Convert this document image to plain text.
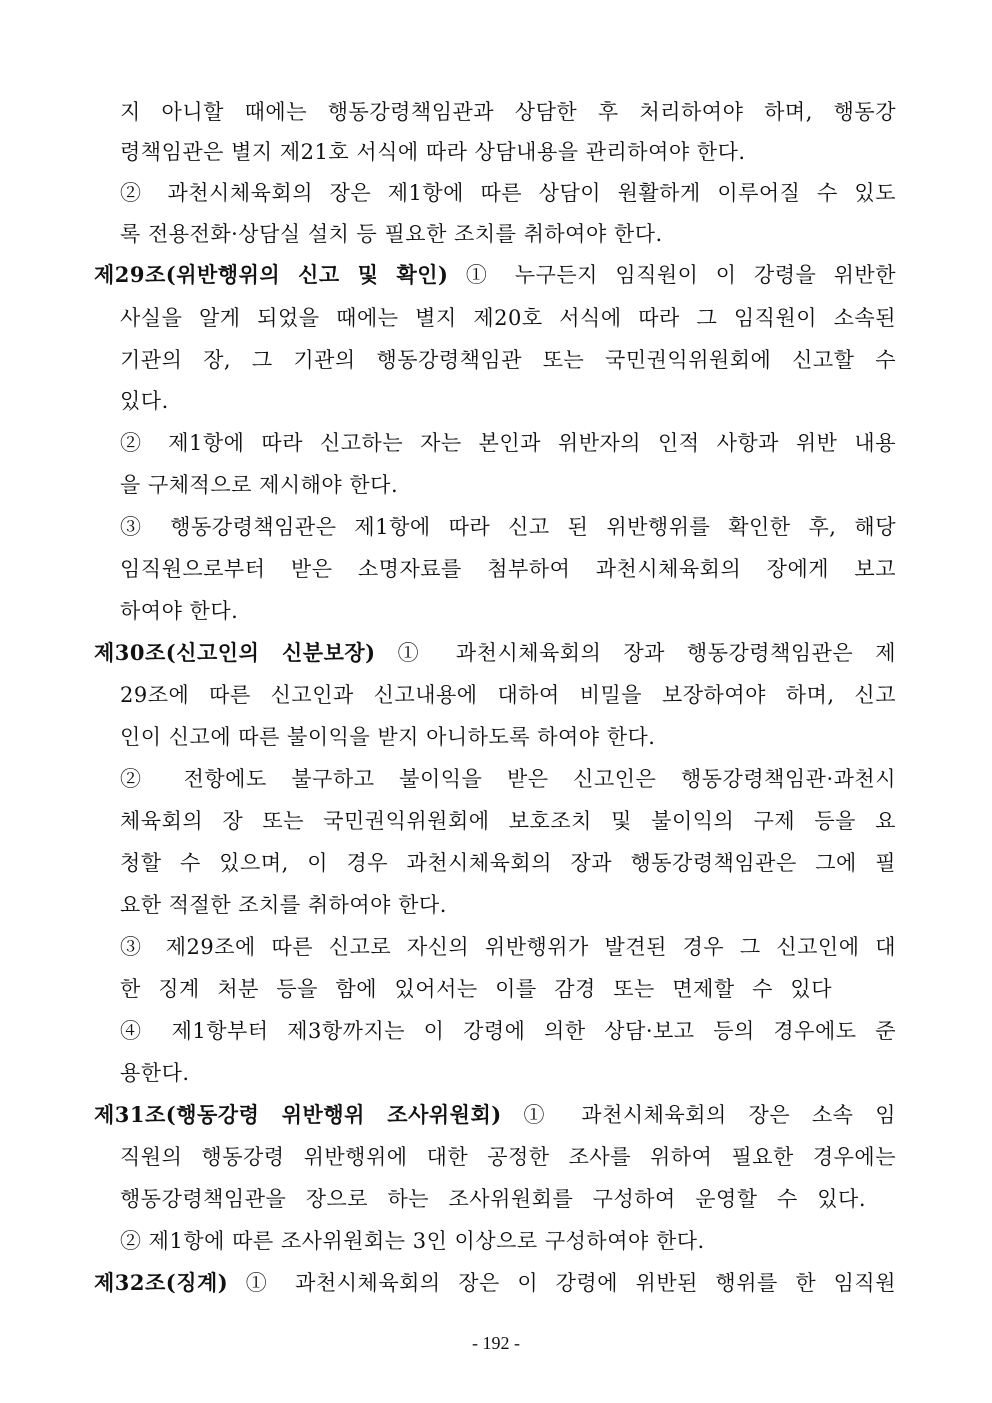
지 아니할 때에는 행동강령책임관과 상담한 후 처리하여야 하며, 행동강
령책임관은 별지 제21호 서식에 따라 상담내용을 관리하여야 한다.
② 과천시체육회의 장은 제1항에 따른 상담이 원활하게 이루어질 수 있도
록 전용전화·상담실 설치 등 필요한 조치를 취하여야 한다.
제29조(위반행위의 신고 및 확인) ① 누구든지 임직원이 이 강령을 위반한
사실을 알게 되었을 때에는 별지 제20호 서식에 따라 그 임직원이 소속된
기관의 장, 그 기관의 행동강령책임관 또는 국민권익위원회에 신고할 수
있다.
② 제1항에 따라 신고하는 자는 본인과 위반자의 인적 사항과 위반 내용
을 구체적으로 제시해야 한다.
③ 행동강령책임관은 제1항에 따라 신고 된 위반행위를 확인한 후, 해당
임직원으로부터 받은 소명자료를 첨부하여 과천시체육회의 장에게 보고
하여야 한다.
제30조(신고인의 신분보장) ① 과천시체육회의 장과 행동강령책임관은 제
29조에 따른 신고인과 신고내용에 대하여 비밀을 보장하여야 하며, 신고
인이 신고에 따른 불이익을 받지 아니하도록 하여야 한다.
② 전항에도 불구하고 불이익을 받은 신고인은 행동강령책임관·과천시
체육회의 장 또는 국민권익위원회에 보호조치 및 불이익의 구제 등을 요
청할 수 있으며, 이 경우 과천시체육회의 장과 행동강령책임관은 그에 필
요한 적절한 조치를 취하여야 한다.
③ 제29조에 따른 신고로 자신의 위반행위가 발견된 경우 그 신고인에 대
한 징계 처분 등을 함에 있어서는 이를 감경 또는 면제할 수 있다
④ 제1항부터 제3항까지는 이 강령에 의한 상담·보고 등의 경우에도 준
용한다.
제31조(행동강령 위반행위 조사위원회) ① 과천시체육회의 장은 소속 임
직원의 행동강령 위반행위에 대한 공정한 조사를 위하여 필요한 경우에는
행동강령책임관을 장으로 하는 조사위원회를 구성하여 운영할 수 있다.
② 제1항에 따른 조사위원회는 3인 이상으로 구성하여야 한다.
제32조(징계) ① 과천시체육회의 장은 이 강령에 위반된 행위를 한 임직원
- 192 -
